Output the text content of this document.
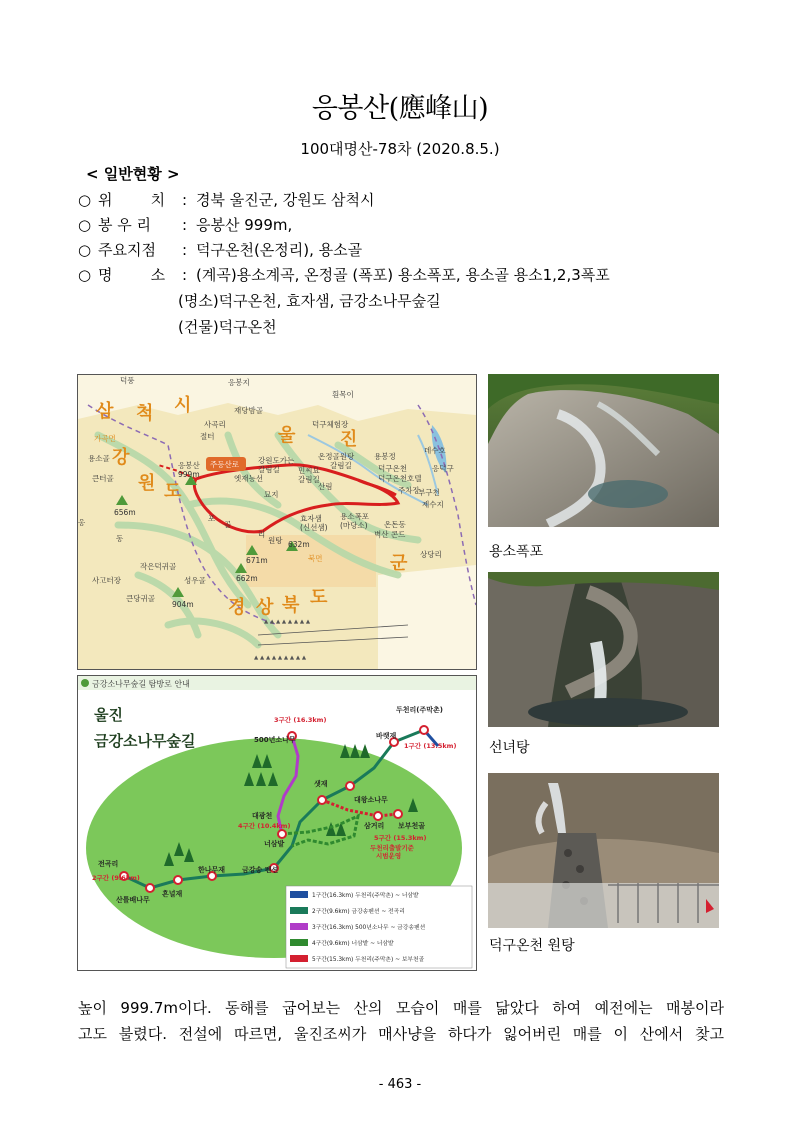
응봉산(應峰山)
100대명산-78차 (2020.8.5.)
< 일반현황 >
○ 위        치 : 경북 울진군, 강원도 삼척시
○ 봉 우 리 : 응봉산 999m,
○ 주요지점 : 덕구온천(온정리), 용소골
○ 명        소 : (계곡)용소계곡, 온정골 (폭포) 용소폭포, 용소골 용소1,2,3폭포
(명소)덕구온천, 효자샘, 금강소나무숲길
(건물)덕구온천
삼 척 시
울 진
강
원 도
경 상 북 도
군
덕풍	응봉지
흰목이
재당밤골
사곡리
가곡면	절터
덕구체험장
용소골
응봉산
999m
주등산로	강원도가는
갈림길
엣재능선
민씨묘
갈림길
온정골원탕
갈림길
용봉정
덕구온천
덕구온천호텔
주차장
부구천
제수지
데수호
응덕구
큰터골
656m
묘지
산림
효자샘
(신선샘)
용소폭포
(마당소) 온돈동
벽산 콘드
상당리
632m
671m
662m
작은덕귀골
사고터장
큰당귀골
904m
성우골
북면
원탕
동
포
골
리
옹
▲ ▲ ▲ ▲ ▲ ▲ ▲ ▲
▲ ▲ ▲ ▲ ▲ ▲ ▲ ▲ ▲
금강소나무숲길 탐방로 안내
울진
금강소나무숲길
두천리(주막촌)
바랫재
500년소나무
샛재
대왕소나무
삼거리 보부천골
대광천
너삼밭
전곡리
산틀배나무
흔널재
한나무재 금강송 펜션
1구간 (13.5km)
2구간 (9.6km)
3구간 (16.3km)
4구간 (10.4km)
5구간 (15.3km)
두천리출발기준
시범운영
1구간(16.3km) 두천리(주막촌) ~ 너삼밭
2구간(9.6km) 금강송펜션 ~ 전곡리
3구간(16.3km) 500년소나무 ~ 금강송펜션
4구간(9.6km) 너삼밭 ~ 너삼밭
5구간(15.3km) 두천리(주막촌) ~ 보부천골
용소폭포
선녀탕
덕구온천 원탕
높이 999.7m이다. 동해를 굽어보는 산의 모습이 매를 닮았다 하여 예전에는 매봉이라
고도 불렸다. 전설에 따르면, 울진조씨가 매사냥을 하다가 잃어버린 매를 이 산에서 찾고
- 463 -
